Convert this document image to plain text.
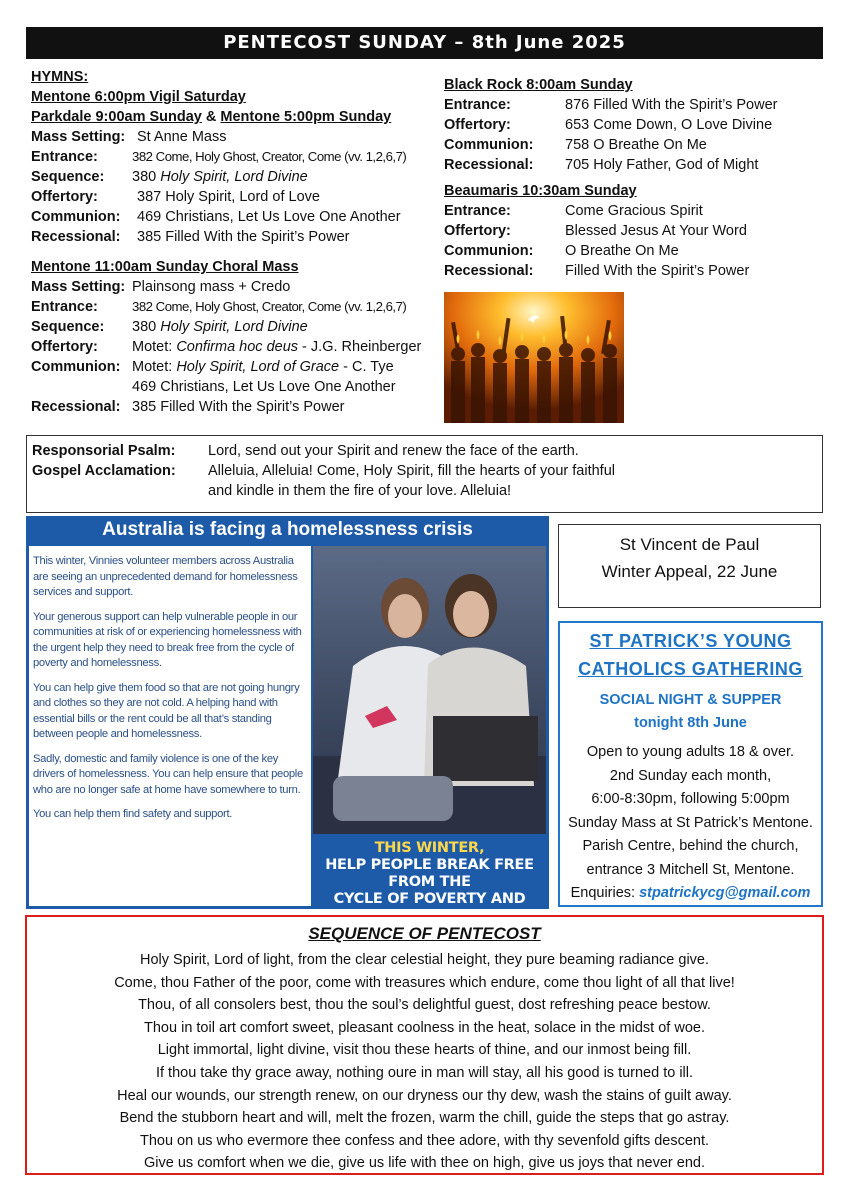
PENTECOST SUNDAY – 8th June 2025
HYMNS:
Mentone 6:00pm Vigil Saturday
Parkdale 9:00am Sunday & Mentone 5:00pm Sunday
Mass Setting: St Anne Mass
Entrance:	382 Come, Holy Ghost, Creator, Come (vv. 1,2,6,7)
Sequence:	380 Holy Spirit, Lord Divine
Offertory:	387 Holy Spirit, Lord of Love
Communion:	469 Christians, Let Us Love One Another
Recessional:	385 Filled With the Spirit’s Power
Mentone 11:00am Sunday Choral Mass
Mass Setting: Plainsong mass + Credo
Entrance:	382 Come, Holy Ghost, Creator, Come (vv. 1,2,6,7)
Sequence:	380 Holy Spirit, Lord Divine
Offertory:	Motet: Confirma hoc deus - J.G. Rheinberger
Communion: Motet: Holy Spirit, Lord of Grace - C. Tye
469 Christians, Let Us Love One Another
Recessional: 385 Filled With the Spirit’s Power
Black Rock 8:00am Sunday
Entrance:	876 Filled With the Spirit’s Power
Offertory:	653 Come Down, O Love Divine
Communion:	758 O Breathe On Me
Recessional:	705 Holy Father, God of Might
Beaumaris 10:30am Sunday
Entrance:	Come Gracious Spirit
Offertory:	Blessed Jesus At Your Word
Communion:	O Breathe On Me
Recessional:	Filled With the Spirit’s Power
Responsorial Psalm:	Lord, send out your Spirit and renew the face of the earth.
Gospel Acclamation:	Alleluia, Alleluia! Come, Holy Spirit, fill the hearts of your faithful
and kindle in them the fire of your love. Alleluia!
Australia is facing a homelessness crisis

This winter, Vinnies volunteer members across Australia are seeing an unprecedented demand for homelessness services and support.

Your generous support can help vulnerable people in our communities at risk of or experiencing homelessness with the urgent help they need to break free from the cycle of poverty and homelessness.

You can help give them food so that are not going hungry and clothes so they are not cold. A helping hand with essential bills or the rent could be all that’s standing between people and homelessness.

Sadly, domestic and family violence is one of the key drivers of homelessness. You can help ensure that people who are no longer safe at home have somewhere to turn.

You can help them find safety and support.

THIS WINTER,
HELP PEOPLE BREAK FREE FROM THE
CYCLE OF POVERTY AND
HOMELESSNESS.
St Vincent de Paul
Winter Appeal, 22 June
ST PATRICK’S YOUNG
CATHOLICS GATHERING
SOCIAL NIGHT & SUPPER
tonight 8th June
Open to young adults 18 & over.
2nd Sunday each month,
6:00-8:30pm, following 5:00pm
Sunday Mass at St Patrick’s Mentone.
Parish Centre, behind the church,
entrance 3 Mitchell St, Mentone.
Enquiries: stpatrickycg@gmail.com
SEQUENCE OF PENTECOST
Holy Spirit, Lord of light, from the clear celestial height, they pure beaming radiance give.
Come, thou Father of the poor, come with treasures which endure, come thou light of all that live!
Thou, of all consolers best, thou the soul’s delightful guest, dost refreshing peace bestow.
Thou in toil art comfort sweet, pleasant coolness in the heat, solace in the midst of woe.
Light immortal, light divine, visit thou these hearts of thine, and our inmost being fill.
If thou take thy grace away, nothing oure in man will stay, all his good is turned to ill.
Heal our wounds, our strength renew, on our dryness our thy dew, wash the stains of guilt away.
Bend the stubborn heart and will, melt the frozen, warm the chill, guide the steps that go astray.
Thou on us who evermore thee confess and thee adore, with thy sevenfold gifts descent.
Give us comfort when we die, give us life with thee on high, give us joys that never end.
